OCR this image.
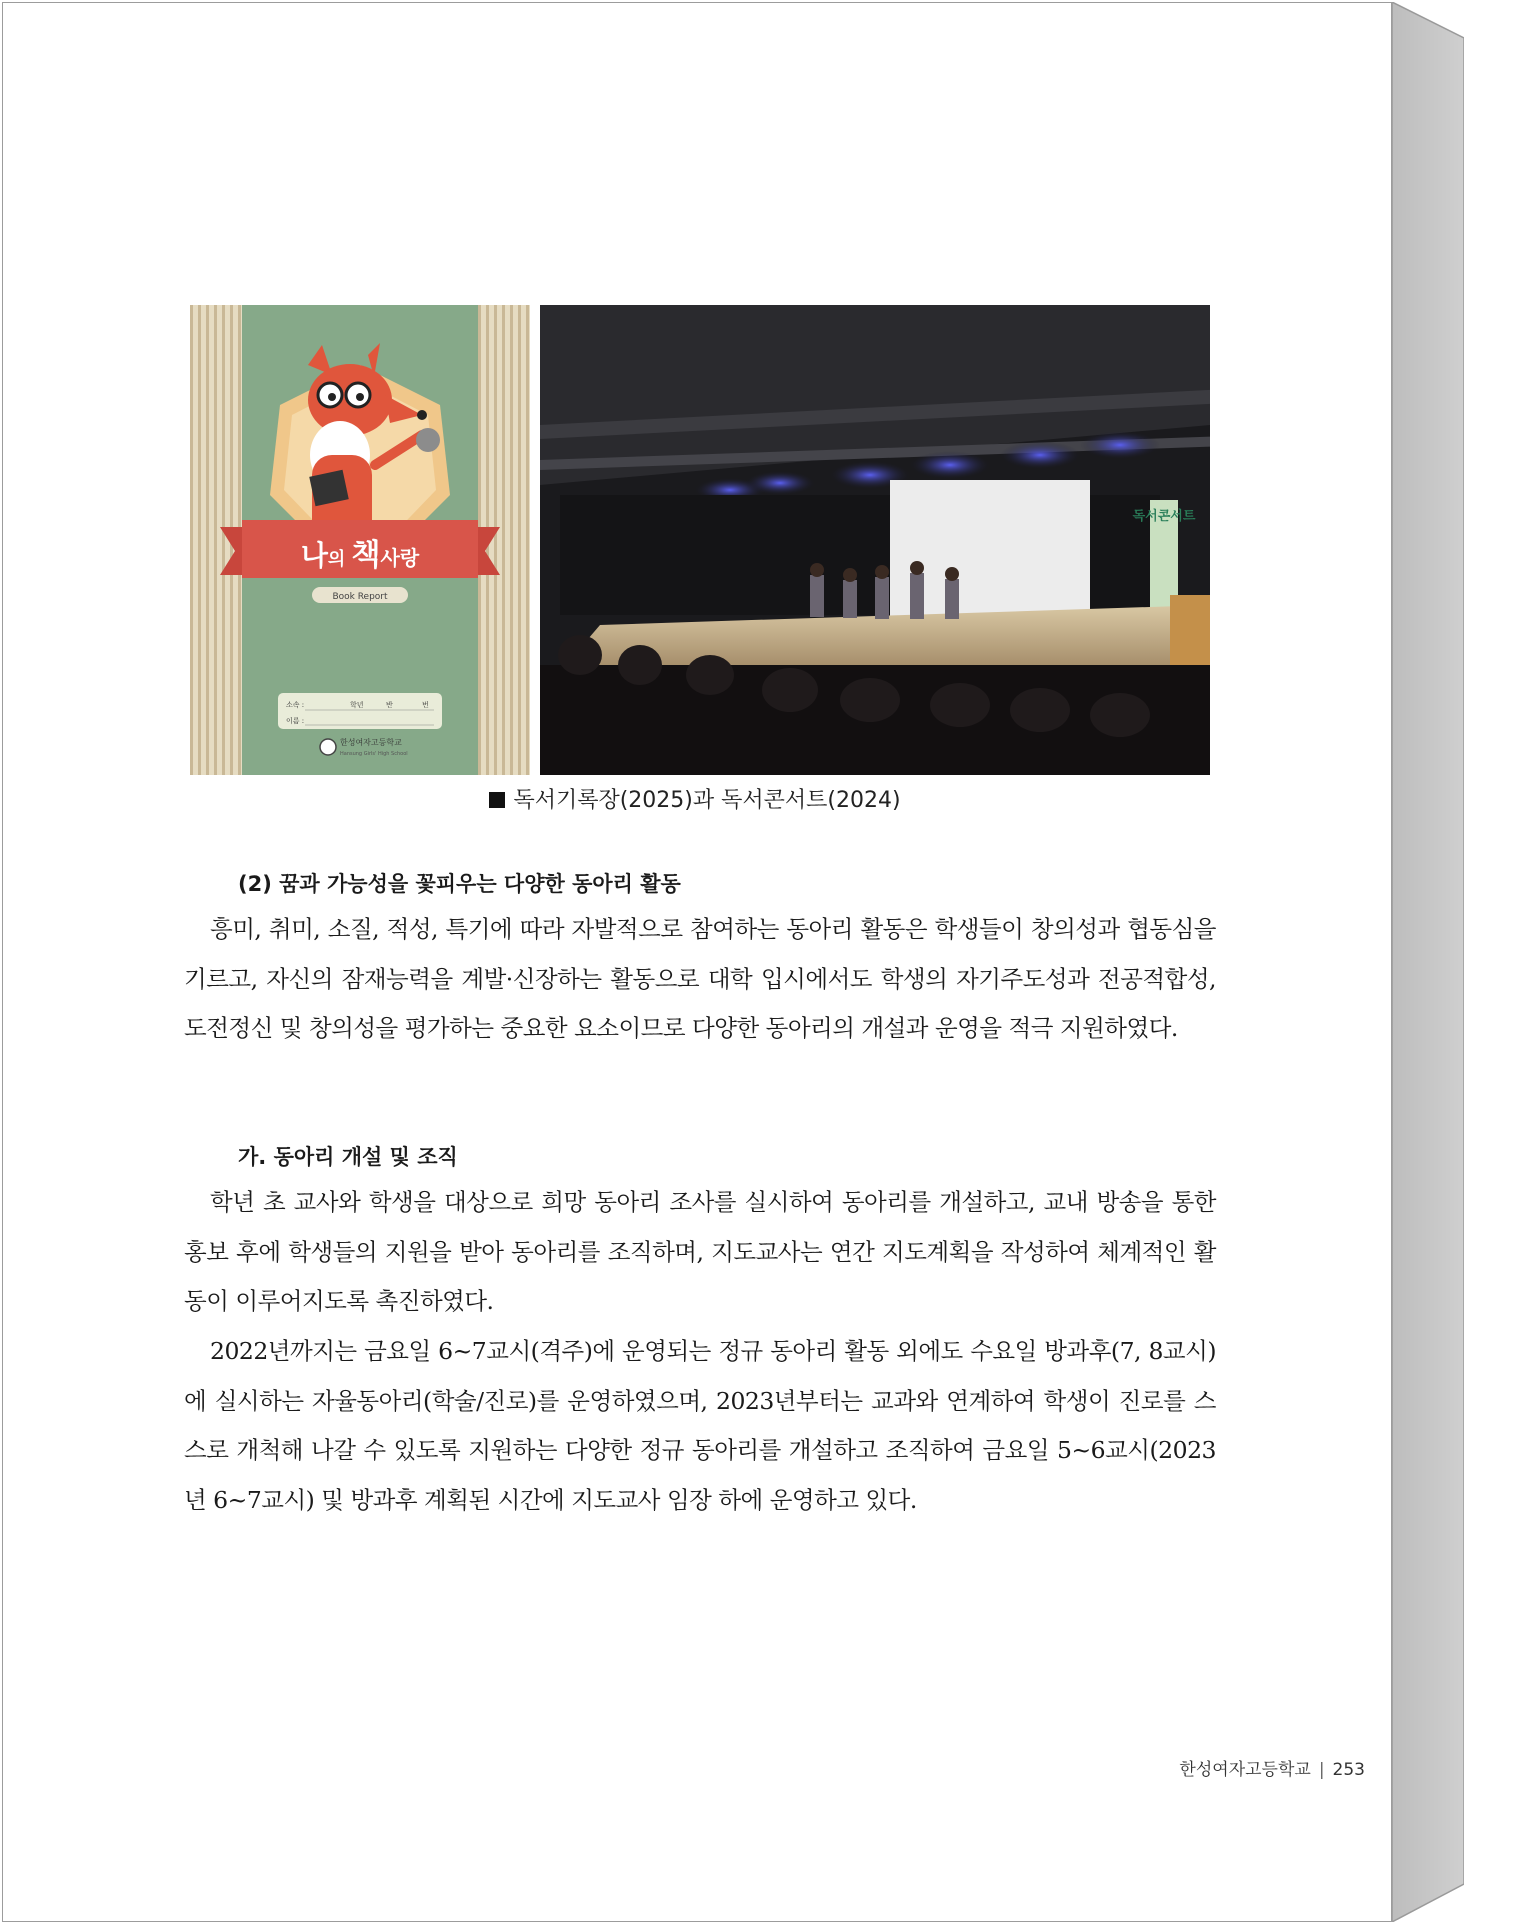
나의 책사랑
Book Report
소속 :	학년	반	번
이름 :
한성여자고등학교
Hansung Girls' High School
독서콘서트
독서기록장(2025)과 독서콘서트(2024)
(2) 꿈과 가능성을 꽃피우는 다양한 동아리 활동

흥미, 취미, 소질, 적성, 특기에 따라 자발적으로 참여하는 동아리 활동은 학생들이 창의성과 협동심을 기르고, 자신의 잠재능력을 계발·신장하는 활동으로 대학 입시에서도 학생의 자기주도성과 전공적합성, 도전정신 및 창의성을 평가하는 중요한 요소이므로 다양한 동아리의 개설과 운영을 적극 지원하였다.

가. 동아리 개설 및 조직

학년 초 교사와 학생을 대상으로 희망 동아리 조사를 실시하여 동아리를 개설하고, 교내 방송을 통한 홍보 후에 학생들의 지원을 받아 동아리를 조직하며, 지도교사는 연간 지도계획을 작성하여 체계적인 활동이 이루어지도록 촉진하였다.

2022년까지는 금요일 6~7교시(격주)에 운영되는 정규 동아리 활동 외에도 수요일 방과후(7, 8교시)에 실시하는 자율동아리(학술/진로)를 운영하였으며, 2023년부터는 교과와 연계하여 학생이 진로를 스스로 개척해 나갈 수 있도록 지원하는 다양한 정규 동아리를 개설하고 조직하여 금요일 5~6교시(2023년 6~7교시) 및 방과후 계획된 시간에 지도교사 임장 하에 운영하고 있다.

한성여자고등학교 | 253
